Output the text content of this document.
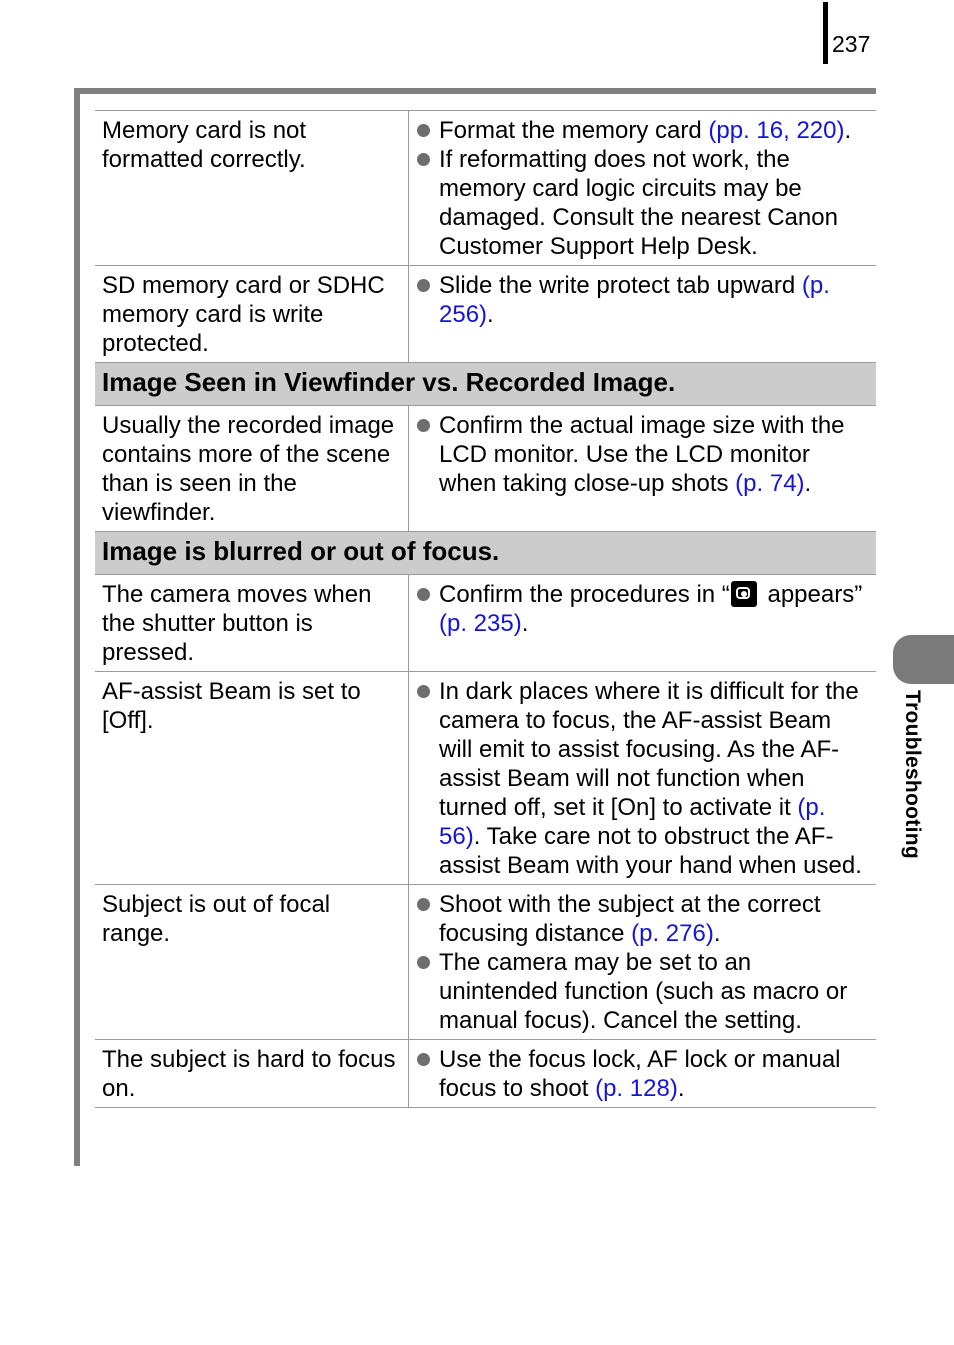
237
Troubleshooting
Memory card is not formatted correctly.	Format the memory card (pp. 16, 220).
If reformatting does not work, the memory card logic circuits may be damaged. Consult the nearest Canon Customer Support Help Desk.

SD memory card or SDHC memory card is write protected.	Slide the write protect tab upward (p. 256).

Image Seen in Viewfinder vs. Recorded Image.	
Usually the recorded image contains more of the scene than is seen in the viewfinder.	Confirm the actual image size with the LCD monitor. Use the LCD monitor when taking close-up shots (p. 74).

Image is blurred or out of focus.	
The camera moves when the shutter button is pressed.	Confirm the procedures in “ appears” (p. 235).

AF-assist Beam is set to [Off].	In dark places where it is difficult for the camera to focus, the AF-assist Beam will emit to assist focusing. As the AF-assist Beam will not function when turned off, set it [On] to activate it (p. 56). Take care not to obstruct the AF-assist Beam with your hand when used.

Subject is out of focal range.	Shoot with the subject at the correct focusing distance (p. 276).
The camera may be set to an unintended function (such as macro or manual focus). Cancel the setting.

The subject is hard to focus on.	Use the focus lock, AF lock or manual focus to shoot (p. 128).
